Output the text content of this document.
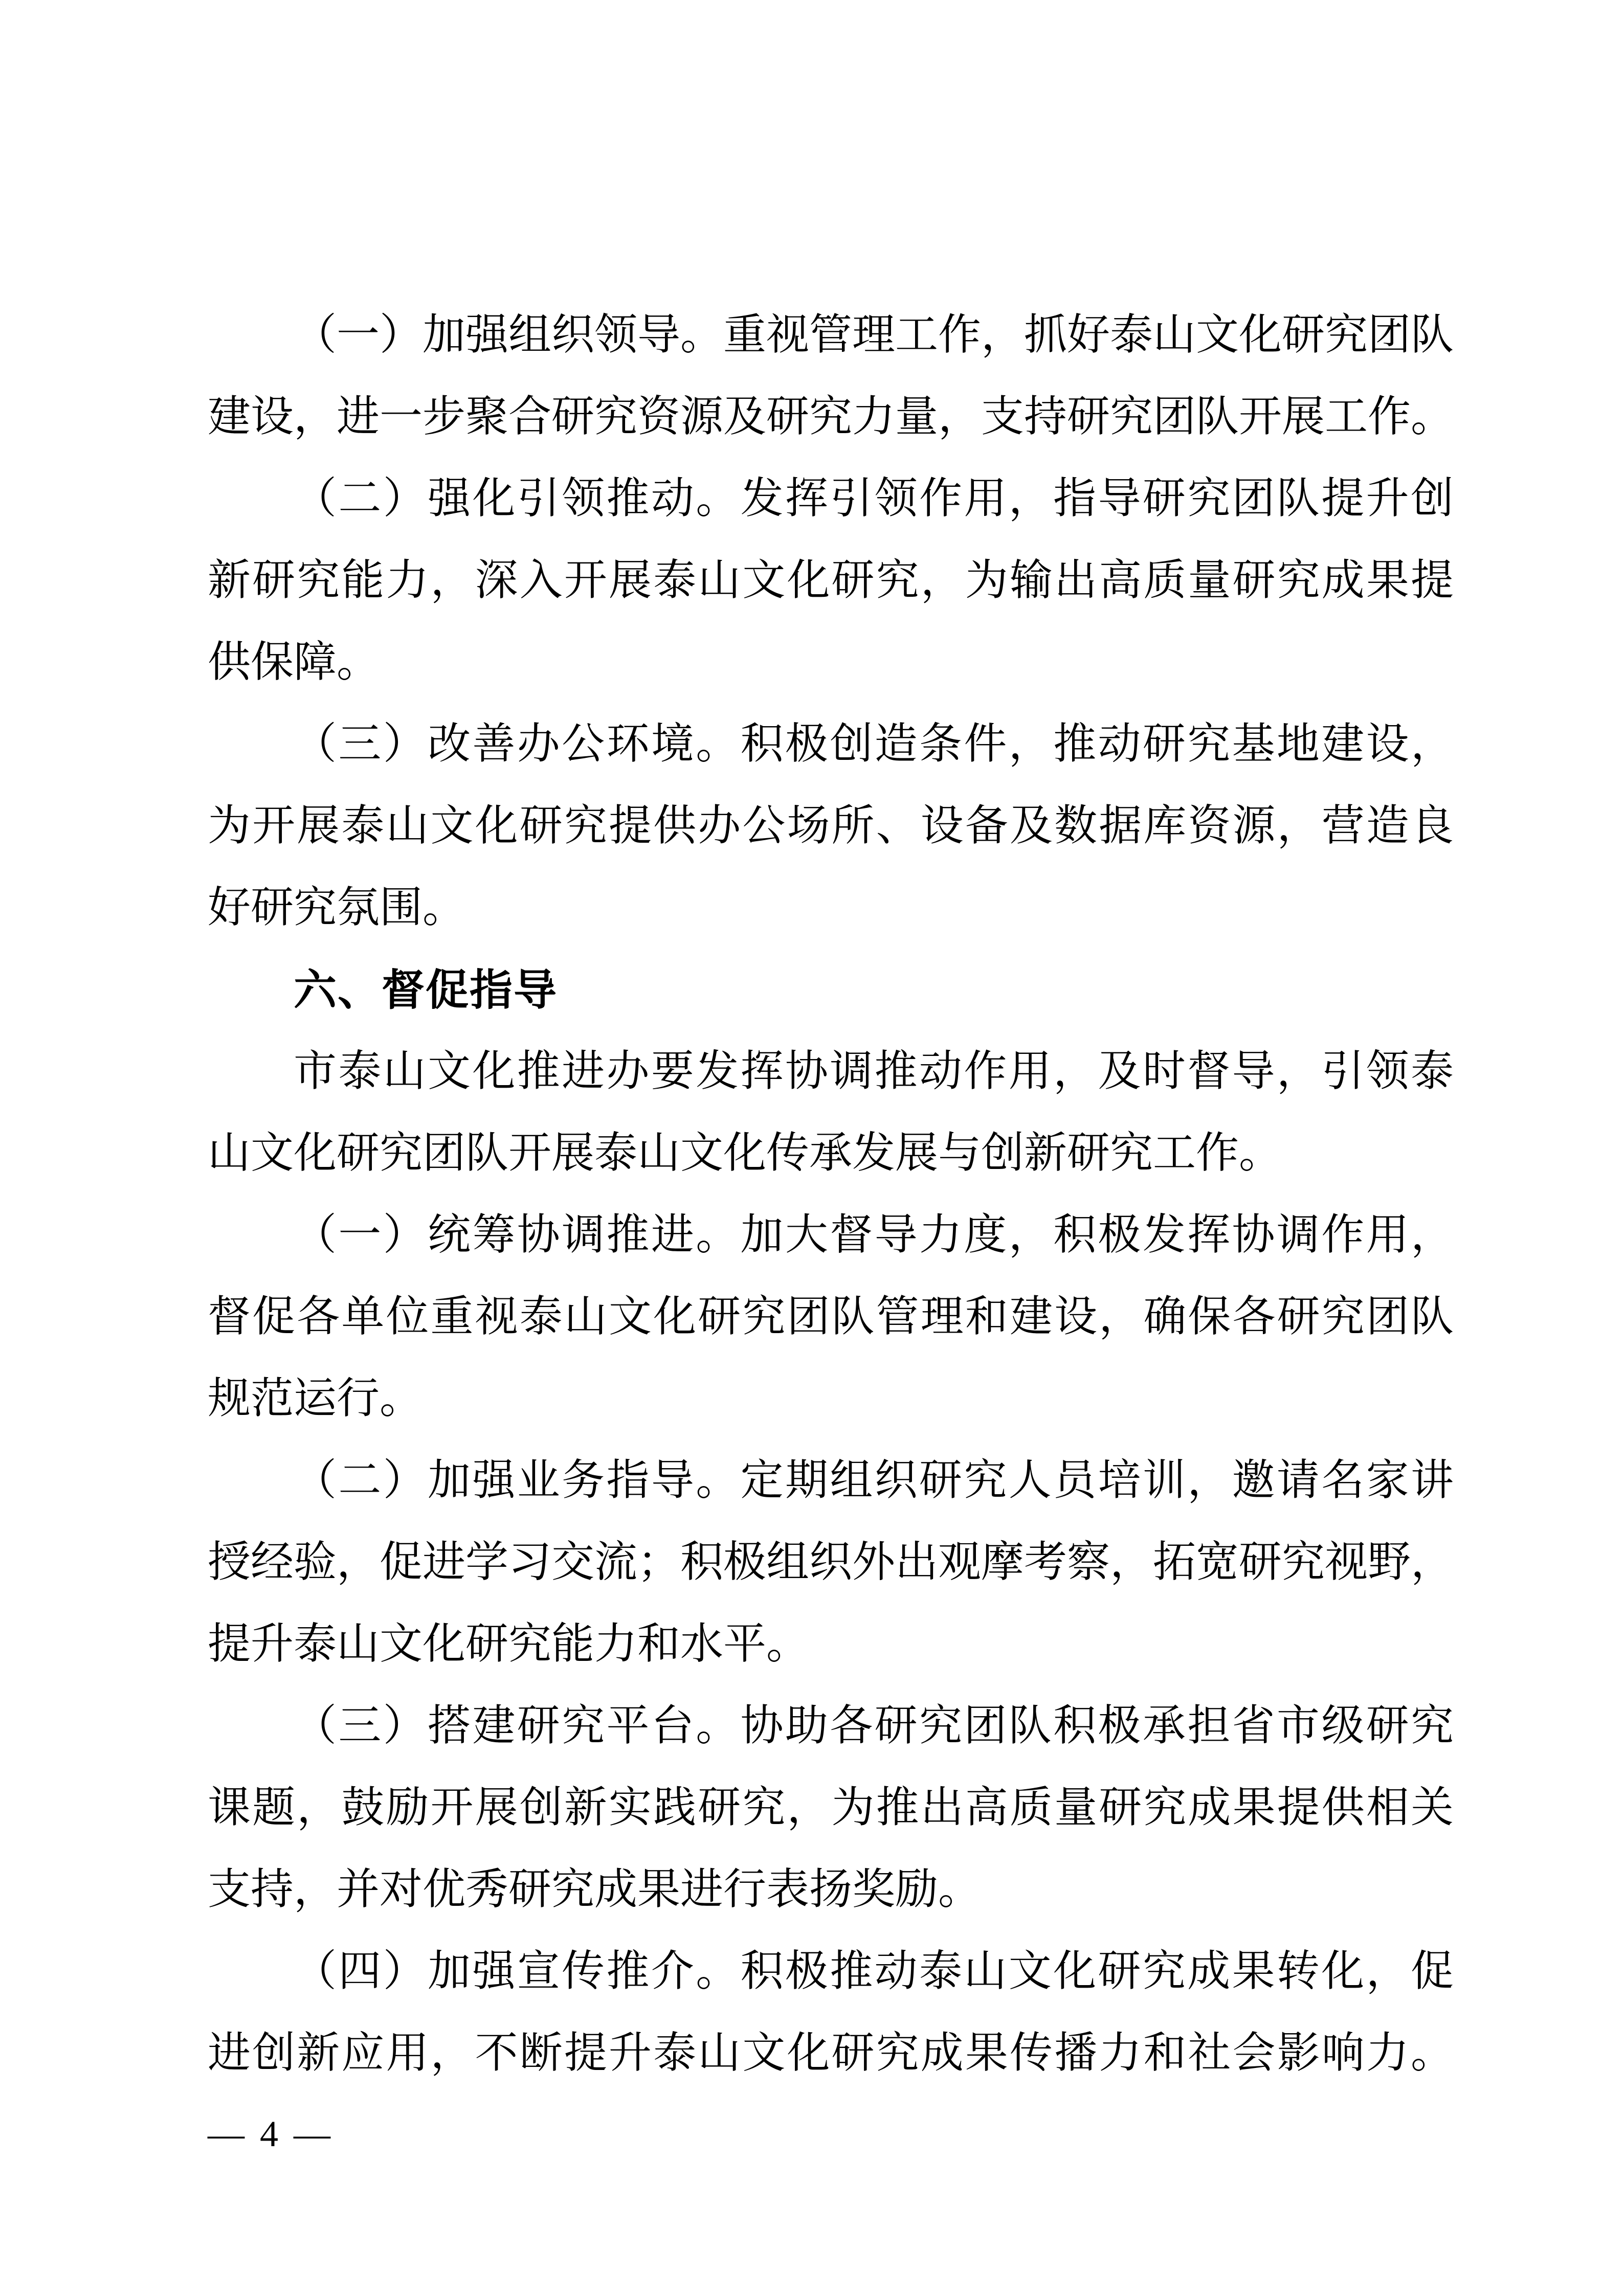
（一）加强组织领导。重视管理工作，抓好泰山文化研究团队
建设，进一步聚合研究资源及研究力量，支持研究团队开展工作。
（二）强化引领推动。发挥引领作用，指导研究团队提升创
新研究能力，深入开展泰山文化研究，为输出高质量研究成果提
供保障。
（三）改善办公环境。积极创造条件，推动研究基地建设，
为开展泰山文化研究提供办公场所、设备及数据库资源，营造良
好研究氛围。
六、督促指导
市泰山文化推进办要发挥协调推动作用，及时督导，引领泰
山文化研究团队开展泰山文化传承发展与创新研究工作。
（一）统筹协调推进。加大督导力度，积极发挥协调作用，
督促各单位重视泰山文化研究团队管理和建设，确保各研究团队
规范运行。
（二）加强业务指导。定期组织研究人员培训，邀请名家讲
授经验，促进学习交流；积极组织外出观摩考察，拓宽研究视野，
提升泰山文化研究能力和水平。
（三）搭建研究平台。协助各研究团队积极承担省市级研究
课题，鼓励开展创新实践研究，为推出高质量研究成果提供相关
支持，并对优秀研究成果进行表扬奖励。
（四）加强宣传推介。积极推动泰山文化研究成果转化，促
进创新应用，不断提升泰山文化研究成果传播力和社会影响力。
— 4 —
